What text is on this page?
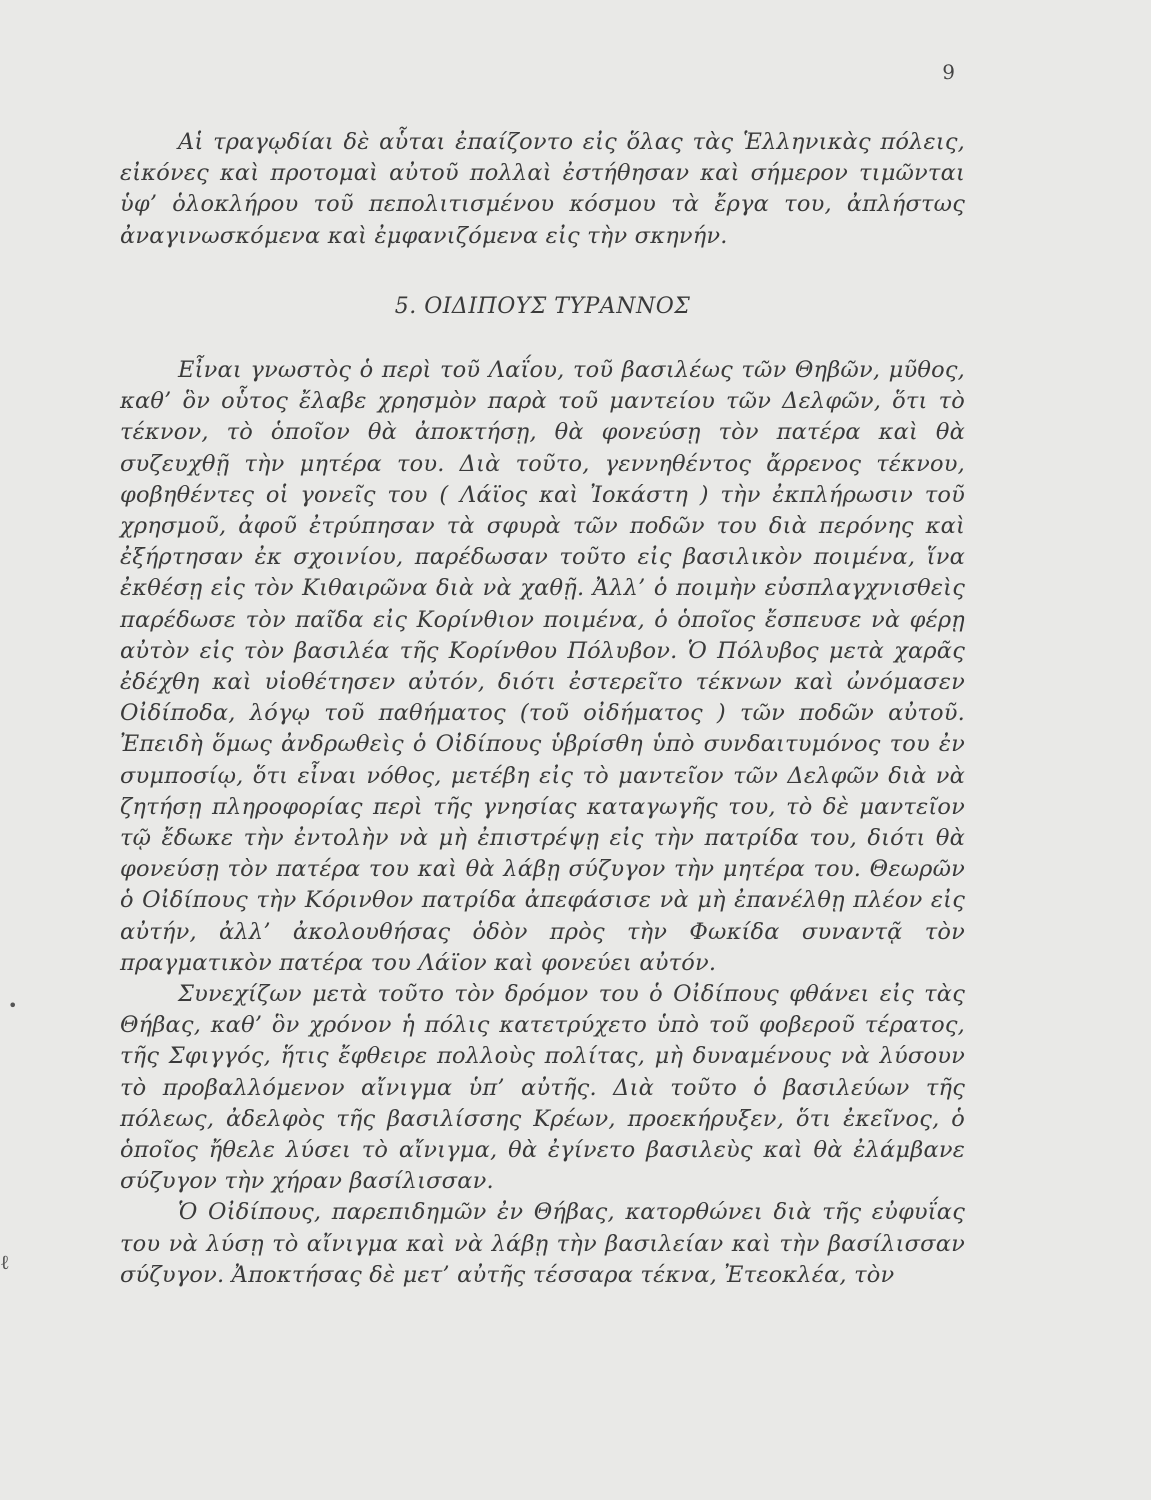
9

Αἱ τραγῳδίαι δὲ αὗται ἐπαίζοντο εἰς ὅλας τὰς Ἑλληνικὰς πόλεις, εἰκόνες καὶ προτομαὶ αὐτοῦ πολλαὶ ἐστήθησαν καὶ σήμερον τιμῶνται ὑφ’ ὁλοκλήρου τοῦ πεπολιτισμένου κόσμου τὰ ἔργα του, ἀπλήστως ἀναγινωσκόμενα καὶ ἐμφανιζόμενα εἰς τὴν σκηνήν.

5. ΟΙΔΙΠΟΥΣ ΤΥΡΑΝΝΟΣ

Εἶναι γνωστὸς ὁ περὶ τοῦ Λαΐου, τοῦ βασιλέως τῶν Θηβῶν, μῦθος, καθ’ ὃν οὗτος ἔλαβε χρησμὸν παρὰ τοῦ μαντείου τῶν Δελφῶν, ὅτι τὸ τέκνον, τὸ ὁποῖον θὰ ἀποκτήσῃ, θὰ φονεύσῃ τὸν πατέρα καὶ θὰ συζευχθῇ τὴν μητέρα του. Διὰ τοῦτο, γεννηθέντος ἄρρενος τέκνου, φοβηθέντες οἱ γονεῖς του ( Λάϊος καὶ Ἰοκάστη ) τὴν ἐκπλήρωσιν τοῦ χρησμοῦ, ἀφοῦ ἐτρύπησαν τὰ σφυρὰ τῶν ποδῶν του διὰ περόνης καὶ ἐξήρτησαν ἐκ σχοινίου, παρέδωσαν τοῦτο εἰς βασιλικὸν ποιμένα, ἵνα ἐκθέσῃ εἰς τὸν Κιθαιρῶνα διὰ νὰ χαθῇ. Ἀλλ’ ὁ ποιμὴν εὐσπλαγχνισθεὶς παρέδωσε τὸν παῖδα εἰς Κορίνθιον ποιμένα, ὁ ὁποῖος ἔσπευσε νὰ φέρῃ αὐτὸν εἰς τὸν βασιλέα τῆς Κορίνθου Πόλυβον. Ὁ Πόλυβος μετὰ χαρᾶς ἐδέχθη καὶ υἱοθέτησεν αὐτόν, διότι ἐστερεῖτο τέκνων καὶ ὠνόμασεν Οἰδίποδα, λόγῳ τοῦ παθήματος (τοῦ οἰδήματος ) τῶν ποδῶν αὐτοῦ. Ἐπειδὴ ὅμως ἀνδρωθεὶς ὁ Οἰδίπους ὑβρίσθη ὑπὸ συνδαιτυμόνος του ἐν συμποσίῳ, ὅτι εἶναι νόθος, μετέβη εἰς τὸ μαντεῖον τῶν Δελφῶν διὰ νὰ ζητήσῃ πληροφορίας περὶ τῆς γνησίας καταγωγῆς του, τὸ δὲ μαντεῖον τῷ ἔδωκε τὴν ἐντολὴν νὰ μὴ ἐπιστρέψῃ εἰς τὴν πατρίδα του, διότι θὰ φονεύσῃ τὸν πατέρα του καὶ θὰ λάβῃ σύζυγον τὴν μητέρα του. Θεωρῶν ὁ Οἰδίπους τὴν Κόρινθον πατρίδα ἀπεφάσισε νὰ μὴ ἐπανέλθῃ πλέον εἰς αὐτήν, ἀλλ’ ἀκολουθήσας ὁδὸν πρὸς τὴν Φωκίδα συναντᾷ τὸν πραγματικὸν πατέρα του Λάϊον καὶ φονεύει αὐτόν.

Συνεχίζων μετὰ τοῦτο τὸν δρόμον του ὁ Οἰδίπους φθάνει εἰς τὰς Θήβας, καθ’ ὃν χρόνον ἡ πόλις κατετρύχετο ὑπὸ τοῦ φοβεροῦ τέρατος, τῆς Σφιγγός, ἥτις ἔφθειρε πολλοὺς πολίτας, μὴ δυναμένους νὰ λύσουν τὸ προβαλλόμενον αἴνιγμα ὑπ’ αὐτῆς. Διὰ τοῦτο ὁ βασιλεύων τῆς πόλεως, ἀδελφὸς τῆς βασιλίσσης Κρέων, προεκήρυξεν, ὅτι ἐκεῖνος, ὁ ὁποῖος ἤθελε λύσει τὸ αἴνιγμα, θὰ ἐγίνετο βασιλεὺς καὶ θὰ ἐλάμβανε σύζυγον τὴν χήραν βασίλισσαν.

Ὁ Οἰδίπους, παρεπιδημῶν ἐν Θήβας, κατορθώνει διὰ τῆς εὐφυΐας του νὰ λύσῃ τὸ αἴνιγμα καὶ νὰ λάβῃ τὴν βασιλείαν καὶ τὴν βασίλισσαν σύζυγον. Ἀποκτήσας δὲ μετ’ αὐτῆς τέσσαρα τέκνα, Ἐτεοκλέα, τὸν

•
ℓ
